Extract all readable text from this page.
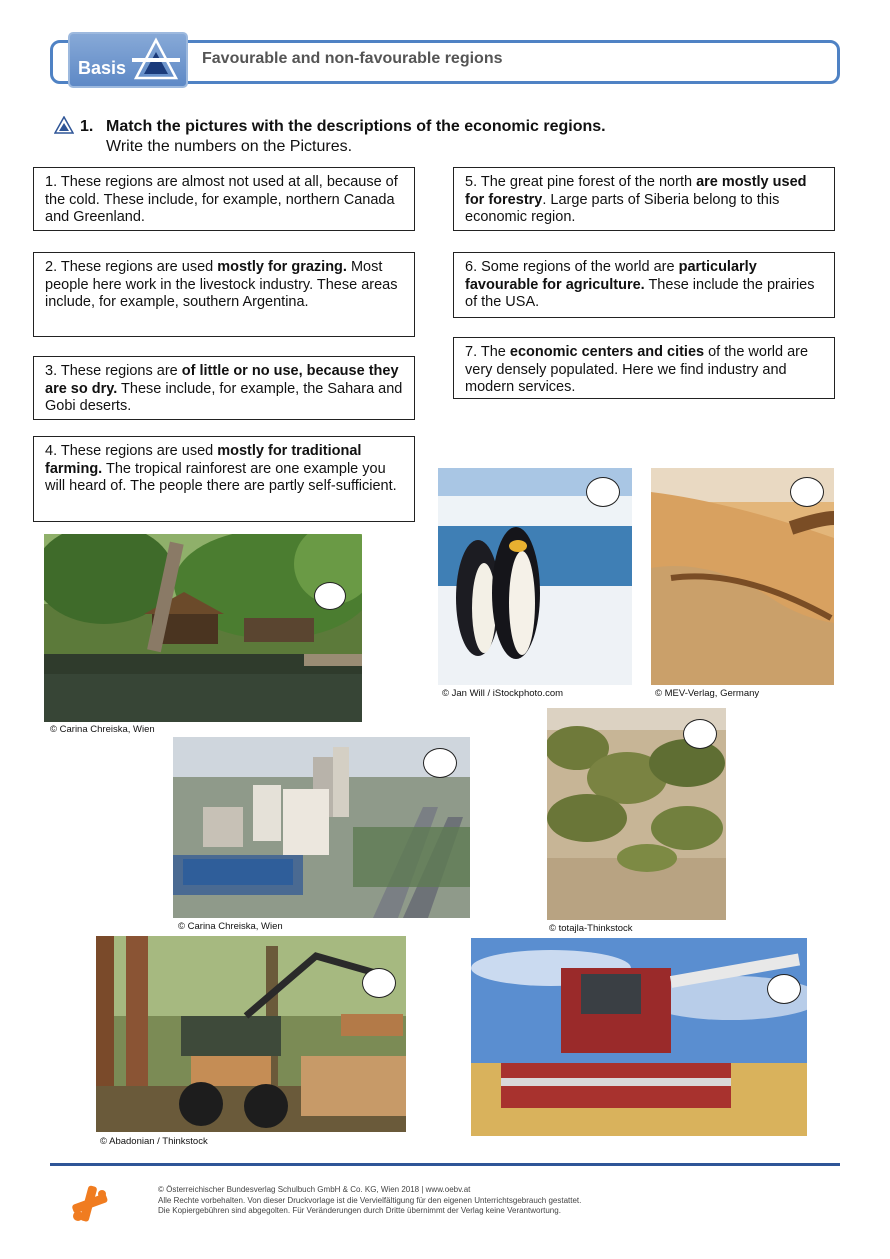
Basis	Favourable and non-favourable regions
1. Match the pictures with the descriptions of the economic regions.
Write the numbers on the Pictures.
1. These regions are almost not used at all, because of the cold. These include, for example, northern Canada and Greenland.
2. These regions are used mostly for grazing. Most people here work in the livestock industry. These areas include, for example, southern Argentina.
3. These regions are of little or no use, because they are so dry. These include, for example, the Sahara and Gobi deserts.
4. These regions are used mostly for traditional farming. The tropical rainforest are one example you will heard of. The people there are partly self-sufficient.
5. The great pine forest of the north are mostly used for forestry. Large parts of Siberia belong to this economic region.
6. Some regions of the world are particularly favourable for agriculture. These include the prairies of the USA.
7. The economic centers and cities of the world are very densely populated. Here we find industry and modern services.
© Carina Chreiska, Wien
© Jan Will / iStockphoto.com	© MEV-Verlag, Germany
© Carina Chreiska, Wien	© totajla-Thinkstock
© Abadonian / Thinkstock
© Österreichischer Bundesverlag Schulbuch GmbH & Co. KG, Wien 2018 | www.oebv.at
Alle Rechte vorbehalten. Von dieser Druckvorlage ist die Vervielfältigung für den eigenen Unterrichtsgebrauch gestattet.
Die Kopiergebühren sind abgegolten. Für Veränderungen durch Dritte übernimmt der Verlag keine Verantwortung.
